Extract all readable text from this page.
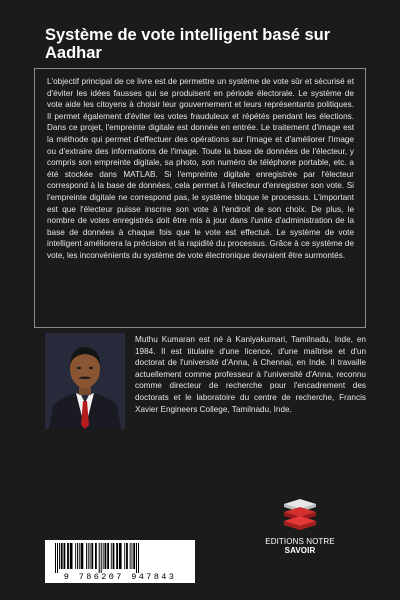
Système de vote intelligent basé sur Aadhar

L'objectif principal de ce livre est de permettre un système de vote sûr et sécurisé et d'éviter les idées fausses qui se produisent en période électorale. Le système de vote aide les citoyens à choisir leur gouvernement et leurs représentants politiques. Il permet également d'éviter les votes frauduleux et répétés pendant les élections. Dans ce projet, l'empreinte digitale est donnée en entrée. Le traitement d'image est la méthode qui permet d'effectuer des opérations sur l'image et d'améliorer l'image ou d'extraire des informations de l'image. Toute la base de données de l'électeur, y compris son empreinte digitale, sa photo, son numéro de téléphone portable, etc. a été stockée dans MATLAB. Si l'empreinte digitale enregistrée par l'électeur correspond à la base de données, cela permet à l'électeur d'enregistrer son vote. Si l'empreinte digitale ne correspond pas, le système bloque le processus. L'important est que l'électeur puisse inscrire son vote à l'endroit de son choix. De plus, le nombre de votes enregistrés doit être mis à jour dans l'unité d'administration de la base de données à chaque fois que le vote est effectué. Le système de vote intelligent améliorera la précision et la rapidité du processus. Grâce à ce système de vote, les inconvénients du système de vote électronique devraient être surmontés.

Muthu Kumaran est né à Kaniyakumari, Tamilnadu, Inde, en 1984. Il est titulaire d'une licence, d'une maîtrise et d'un doctorat de l'université d'Anna, à Chennai, en Inde. Il travaille actuellement comme professeur à l'université d'Anna, reconnu comme directeur de recherche pour l'encadrement des doctorats et le laboratoire du centre de recherche, Francis Xavier Engineers College, Tamilnadu, Inde.

EDITIONS NOTRE SAVOIR
9 786207 947843
